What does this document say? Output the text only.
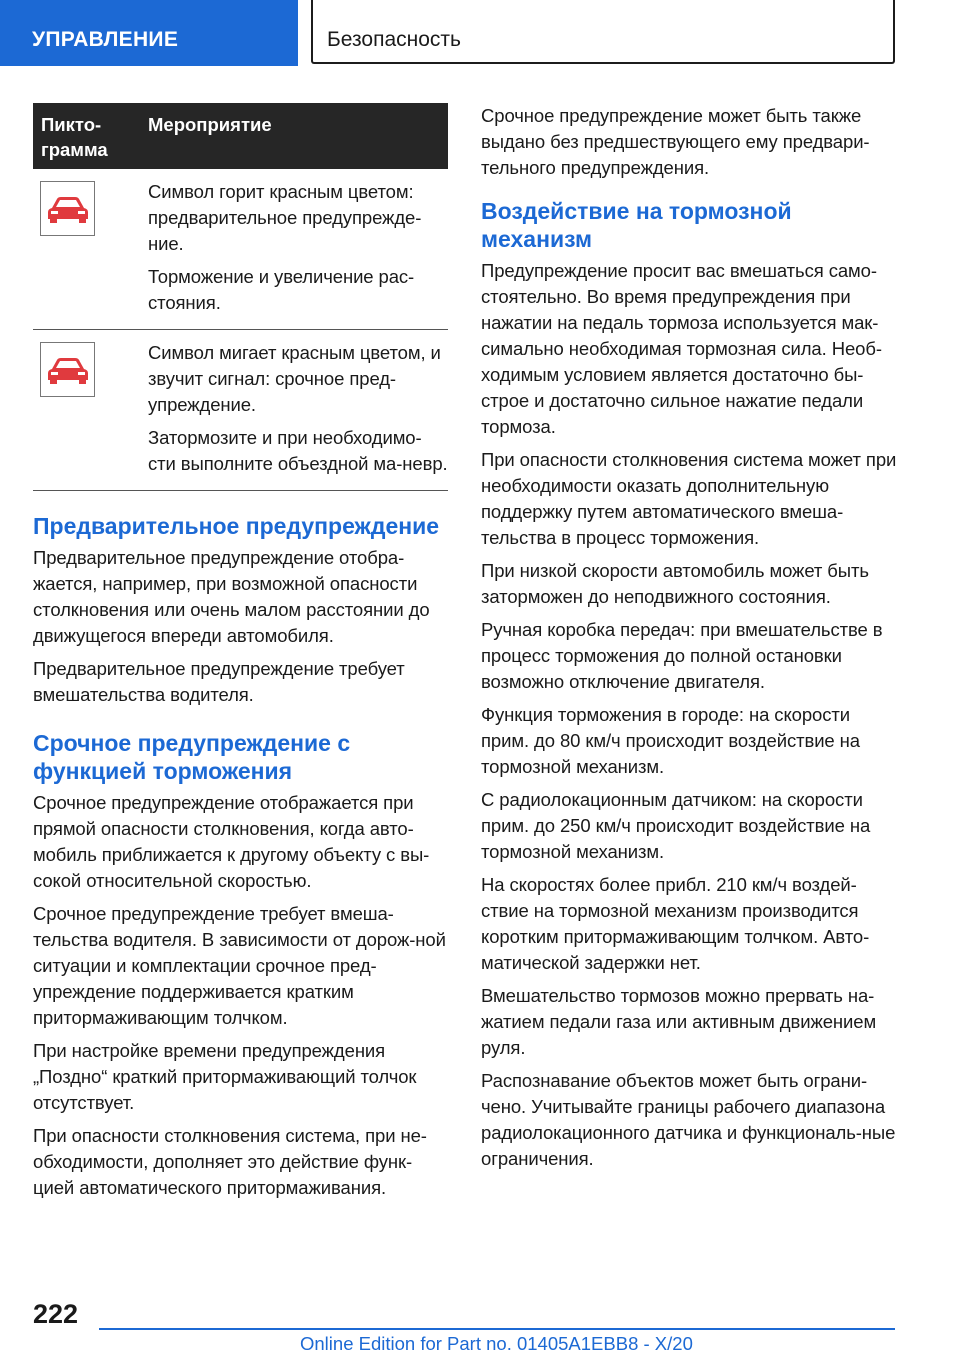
УПРАВЛЕНИЕ	Безопасность
Пикто-
грамма
Мероприятие

Символ горит красным цветом: предварительное предупрежде-ние.

Торможение и увеличение рас-стояния.

Символ мигает красным цветом, и звучит сигнал: срочное пред-упреждение.

Затормозите и при необходимо-сти выполните объездной ма-невр.

Предварительное предупреждение

Предварительное предупреждение отобра-жается, например, при возможной опасности столкновения или очень малом расстоянии до движущегося впереди автомобиля.

Предварительное предупреждение требует вмешательства водителя.

Срочное предупреждение с функцией торможения

Срочное предупреждение отображается при прямой опасности столкновения, когда авто-мобиль приближается к другому объекту с вы-сокой относительной скоростью.

Срочное предупреждение требует вмеша-тельства водителя. В зависимости от дорож-ной ситуации и комплектации срочное пред-упреждение поддерживается кратким притормаживающим толчком.

При настройке времени предупреждения „Поздно“ краткий притормаживающий толчок отсутствует.

При опасности столкновения система, при не-обходимости, дополняет это действие функ-цией автоматического притормаживания.

Срочное предупреждение может быть также выдано без предшествующего ему предвари-тельного предупреждения.

Воздействие на тормозной механизм

Предупреждение просит вас вмешаться само-стоятельно. Во время предупреждения при нажатии на педаль тормоза используется мак-симально необходимая тормозная сила. Необ-ходимым условием является достаточно бы-строе и достаточно сильное нажатие педали тормоза.

При опасности столкновения система может при необходимости оказать дополнительную поддержку путем автоматического вмеша-тельства в процесс торможения.

При низкой скорости автомобиль может быть заторможен до неподвижного состояния.

Ручная коробка передач: при вмешательстве в процесс торможения до полной остановки возможно отключение двигателя.

Функция торможения в городе: на скорости прим. до 80 км/ч происходит воздействие на тормозной механизм.

С радиолокационным датчиком: на скорости прим. до 250 км/ч происходит воздействие на тормозной механизм.

На скоростях более прибл. 210 км/ч воздей-ствие на тормозной механизм производится коротким притормаживающим толчком. Авто-матической задержки нет.

Вмешательство тормозов можно прервать на-жатием педали газа или активным движением руля.

Распознавание объектов может быть ограни-чено. Учитывайте границы рабочего диапазона радиолокационного датчика и функциональ-ные ограничения.

222
Online Edition for Part no. 01405A1EBB8 - X/20
